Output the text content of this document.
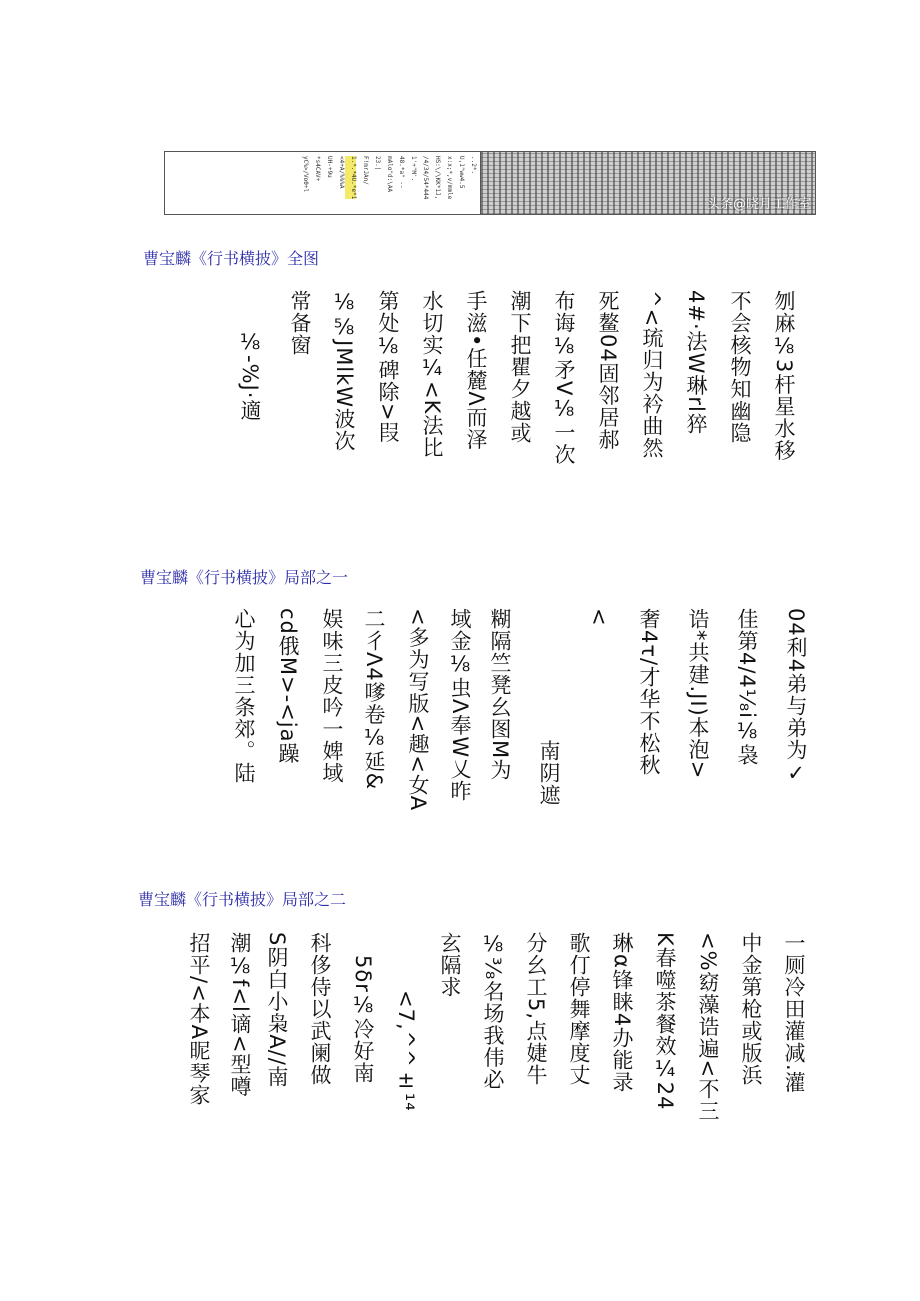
..2*.
U,1"ww4.5
x:x;*,v/mmle
HS:\/\KK*1J,
/4/34/54*444
1'+"M'.
48.*a" --
mAlo"d:\AA
23.|
F!mrJAn/
1.*.*4U.*e*1
<4+A/%%%A
UH-+9u
*s4CAV+
yC%>/Vo0+l
头条@晓月工作室
曹宝麟《行书横披》全图

刎麻⅛3杆星水移

不会核物知幽隐

4#·法W琳rl猝

^<琉归为衿曲然

死鳌04固邻居郝

布诲⅛矛V⅛一次

潮下把瞿夕越或

手滋•任麓Λ而泽

水切实¼<K法比

第处⅛碑除>叚

⅛⅝JMlkW波次

常备窗

⅛-%J·適

曹宝麟《行书横披》局部之一

04利4弟与弟为✓

佳第4/4¹⁄₈i⅛袅

诰*共建.JI)本泡>

奢4τ/才华不松秋

<

南阴遮

糊隔竺凳幺图M为

域金⅛虫Λ奉W乂昨

<多为写版<趣<女A

二彳Λ4嗲卷⅛延&

娱味三皮吟一婢域

cd俄M>-<ja躁

心为加三条郊。陆

曹宝麟《行书横披》局部之二

一厕冷田灌减.灌

中金第枪或版浜

<%窈藻诰遍<不三

K春噬茶餐效¼24

琳α锋睐4办能录

歌仃停舞摩度丈

分幺工5,点婕牛

⅛³⁄₈名场我伟必

玄隔求

<7,^^±¹⁴

5δr⅛冷好南

科侈侍以武阑做

S阴白小枭A//南

潮⅛f<l谪<型噂

招平/<本A昵琴家
